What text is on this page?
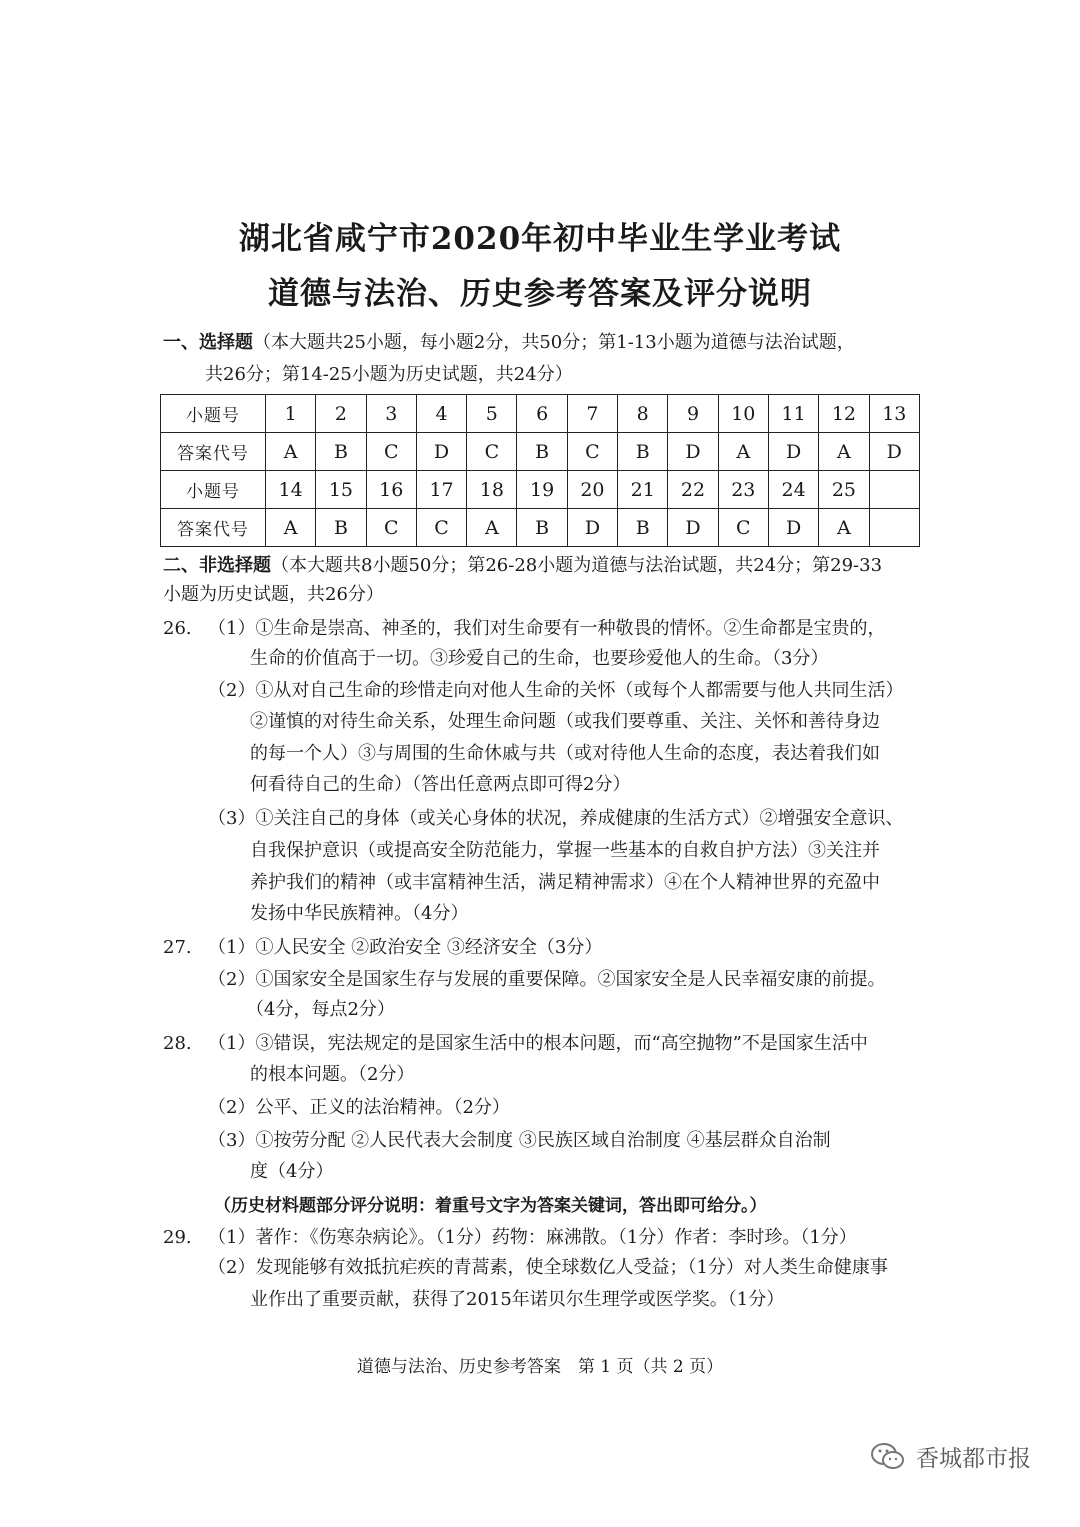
湖北省咸宁市2020年初中毕业生学业考试
道德与法治、历史参考答案及评分说明
一、选择题（本大题共25小题，每小题2分，共50分；第1-13小题为道德与法治试题，
共26分；第14-25小题为历史试题，共24分）
小题号	1	2	3	4	5	6	7	8	9	10	11	12	13
答案代号	A	B	C	D	C	B	C	B	D	A	D	A	D
小题号	14	15	16	17	18	19	20	21	22	23	24	25	
答案代号	A	B	C	C	A	B	D	B	D	C	D	A	
二、非选择题（本大题共8小题50分；第26-28小题为道德与法治试题，共24分；第29-33
小题为历史试题，共26分）
26. （1）①生命是崇高、神圣的，我们对生命要有一种敬畏的情怀。②生命都是宝贵的，
生命的价值高于一切。③珍爱自己的生命，也要珍爱他人的生命。（3分）
（2）①从对自己生命的珍惜走向对他人生命的关怀（或每个人都需要与他人共同生活）
②谨慎的对待生命关系，处理生命问题（或我们要尊重、关注、关怀和善待身边
的每一个人）③与周围的生命休戚与共（或对待他人生命的态度，表达着我们如
何看待自己的生命）（答出任意两点即可得2分）
（3）①关注自己的身体（或关心身体的状况，养成健康的生活方式）②增强安全意识、
自我保护意识（或提高安全防范能力，掌握一些基本的自救自护方法）③关注并
养护我们的精神（或丰富精神生活，满足精神需求）④在个人精神世界的充盈中
发扬中华民族精神。（4分）
27. （1）①人民安全 ②政治安全 ③经济安全（3分）
（2）①国家安全是国家生存与发展的重要保障。②国家安全是人民幸福安康的前提。
（4分，每点2分）
28. （1）③错误，宪法规定的是国家生活中的根本问题，而“高空抛物”不是国家生活中
的根本问题。（2分）
（2）公平、正义的法治精神。（2分）
（3）①按劳分配 ②人民代表大会制度 ③民族区域自治制度 ④基层群众自治制
度（4分）
（历史材料题部分评分说明：着重号文字为答案关键词，答出即可给分。）
29. （1）著作：《伤寒杂病论》。（1分）药物：麻沸散。（1分）作者：李时珍。（1分）
（2）发现能够有效抵抗疟疾的青蒿素，使全球数亿人受益；（1分）对人类生命健康事
业作出了重要贡献，获得了2015年诺贝尔生理学或医学奖。（1分）
道德与法治、历史参考答案　第 1 页（共 2 页）
香城都市报
